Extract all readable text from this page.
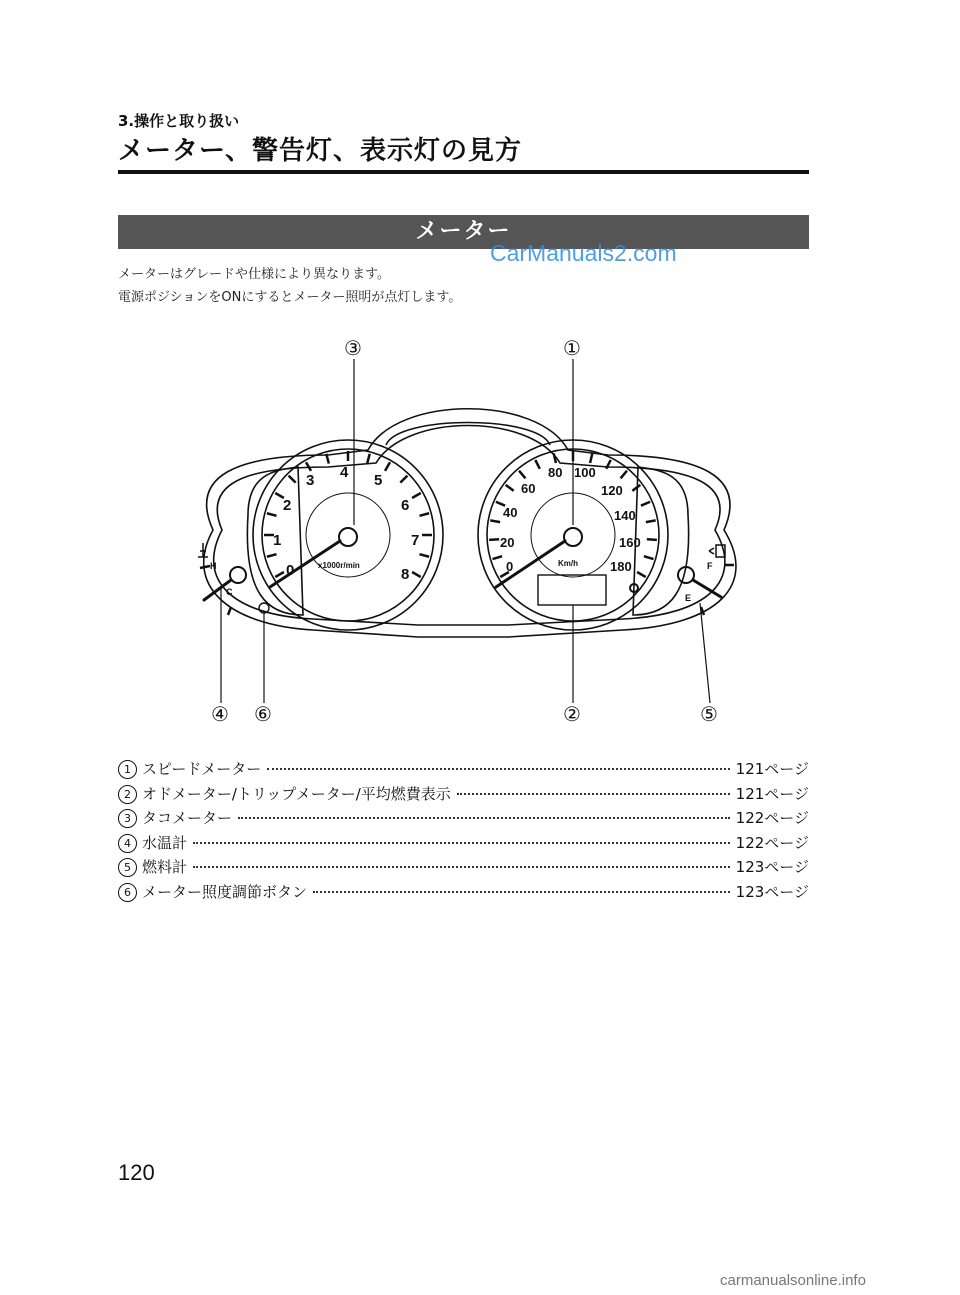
3.操作と取り扱い
メーター、警告灯、表示灯の見方
メーター
CarManuals2.com
メーターはグレードや仕様により異なります。
電源ポジションをONにするとメーター照明が点灯します。
0
1
2
3 4 5
6
7
8
x1000r/min	0
20
40
60
80 100
120
140
160
180
Km/h
H
C
F
E
③	①
④ ⑥	②	⑤
1 スピードメーター	121ページ
2 オドメーター/トリップメーター/平均燃費表示	121ページ
3 タコメーター	122ページ
4 水温計	122ページ
5 燃料計	123ページ
6 メーター照度調節ボタン	123ページ
120
carmanualsonline.info
